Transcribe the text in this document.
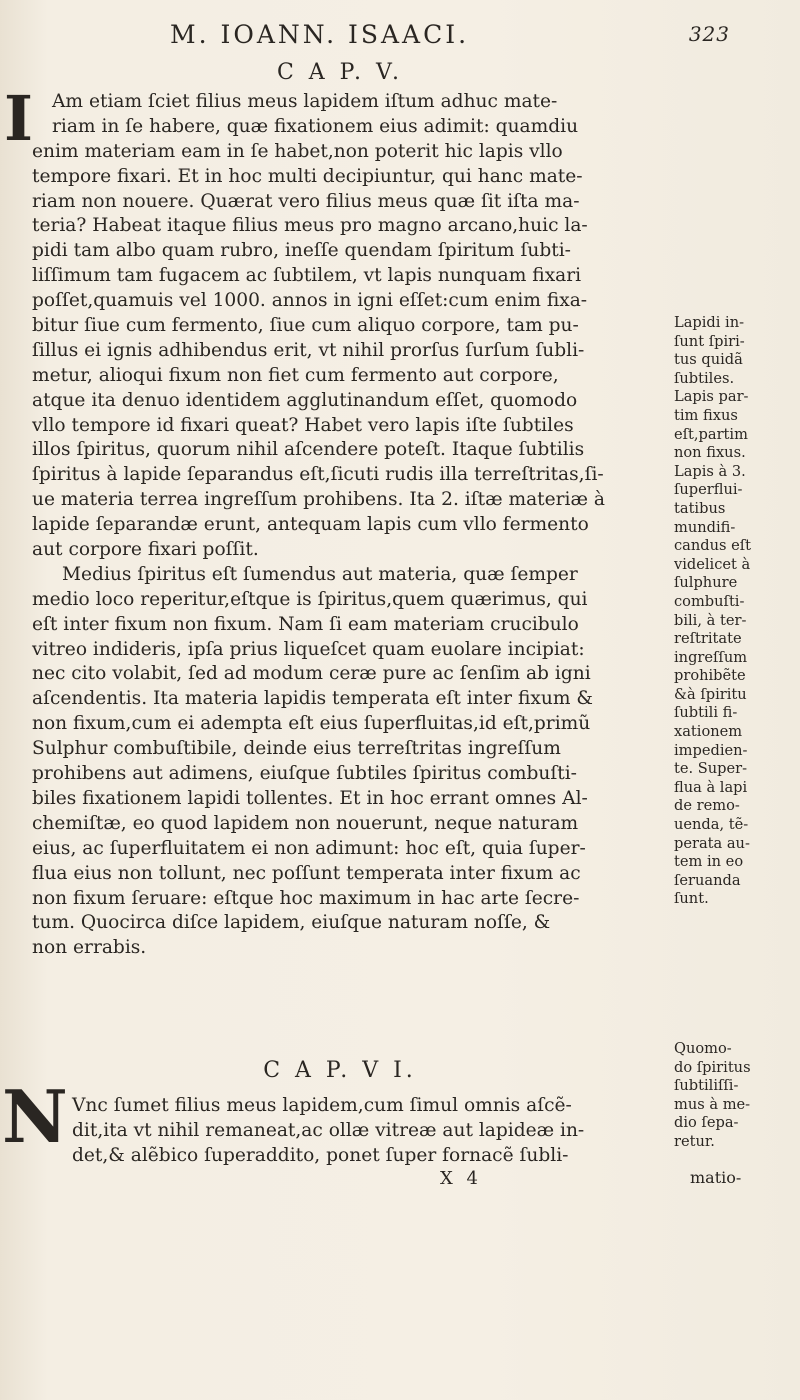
M. IOANN. ISAACI.	323
C A P. V.
I	Am etiam ſciet filius meus lapidem iſtum adhuc mate-
riam in ſe habere, quæ fixationem eius adimit: quamdiu
enim materiam eam in ſe habet,non poterit hic lapis vllo
tempore fixari. Et in hoc multi decipiuntur, qui hanc mate-
riam non nouere. Quærat vero filius meus quæ ſit iſta ma-
teria? Habeat itaque filius meus pro magno arcano,huic la-
pidi tam albo quam rubro, ineſſe quendam ſpiritum ſubti-
liſſimum tam fugacem ac ſubtilem, vt lapis nunquam fixari
poſſet,quamuis vel 1000. annos in igni eſſet:cum enim fixa-
bitur ſiue cum fermento, ſiue cum aliquo corpore, tam pu-
ſillus ei ignis adhibendus erit, vt nihil prorſus ſurſum ſubli-
metur, alioqui fixum non fiet cum fermento aut corpore,
atque ita denuo identidem agglutinandum eſſet, quomodo
vllo tempore id fixari queat? Habet vero lapis iſte ſubtiles
illos ſpiritus, quorum nihil aſcendere poteſt. Itaque ſubtilis
ſpiritus à lapide ſeparandus eſt,ſicuti rudis illa terreſtritas,ſi-
ue materia terrea ingreſſum prohibens. Ita 2. iſtæ materiæ à
lapide ſeparandæ erunt, antequam lapis cum vllo fermento
aut corpore fixari poſſit.
Medius ſpiritus eſt ſumendus aut materia, quæ ſemper
medio loco reperitur,eſtque is ſpiritus,quem quærimus, qui
eſt inter fixum non fixum. Nam ſi eam materiam crucibulo
vitreo indideris, ipſa prius liqueſcet quam euolare incipiat:
nec cito volabit, ſed ad modum ceræ pure ac ſenſim ab igni
aſcendentis. Ita materia lapidis temperata eſt inter fixum &
non fixum,cum ei adempta eſt eius ſuperfluitas,id eſt,primũ
Sulphur combuſtibile, deinde eius terreſtritas ingreſſum
prohibens aut adimens, eiuſque ſubtiles ſpiritus combuſti-
biles fixationem lapidi tollentes. Et in hoc errant omnes Al-
chemiſtæ, eo quod lapidem non nouerunt, neque naturam
eius, ac ſuperfluitatem ei non adimunt: hoc eſt, quia ſuper-
flua eius non tollunt, nec poſſunt temperata inter fixum ac
non fixum ſeruare: eſtque hoc maximum in hac arte ſecre-
tum. Quocirca diſce lapidem, eiuſque naturam noſſe, &
non errabis.
Lapidi in-
ſunt ſpiri-
tus quidã
ſubtiles.
Lapis par-
tim fixus
eſt,partim
non fixus.
Lapis à 3.
ſuperflui-
tatibus
mundifi-
candus eſt
videlicet à
ſulphure
combuſti-
bili, à ter-
reſtritate
ingreſſum
prohibẽte
&à ſpiritu
ſubtili fi-
xationem
impedien-
te. Super-
flua à lapi
de remo-
uenda, tẽ-
perata au-
tem in eo
ſeruanda
ſunt.
C A P. V I.
N Vnc ſumet filius meus lapidem,cum ſimul omnis aſcẽ-
dit,ita vt nihil remaneat,ac ollæ vitreæ aut lapideæ in-
det,& alẽbico ſuperaddito, ponet ſuper fornacẽ ſubli-
Quomo-
do ſpiritus
ſubtiliſſi-
mus à me-
dio ſepa-
retur.
X 4	matio-
